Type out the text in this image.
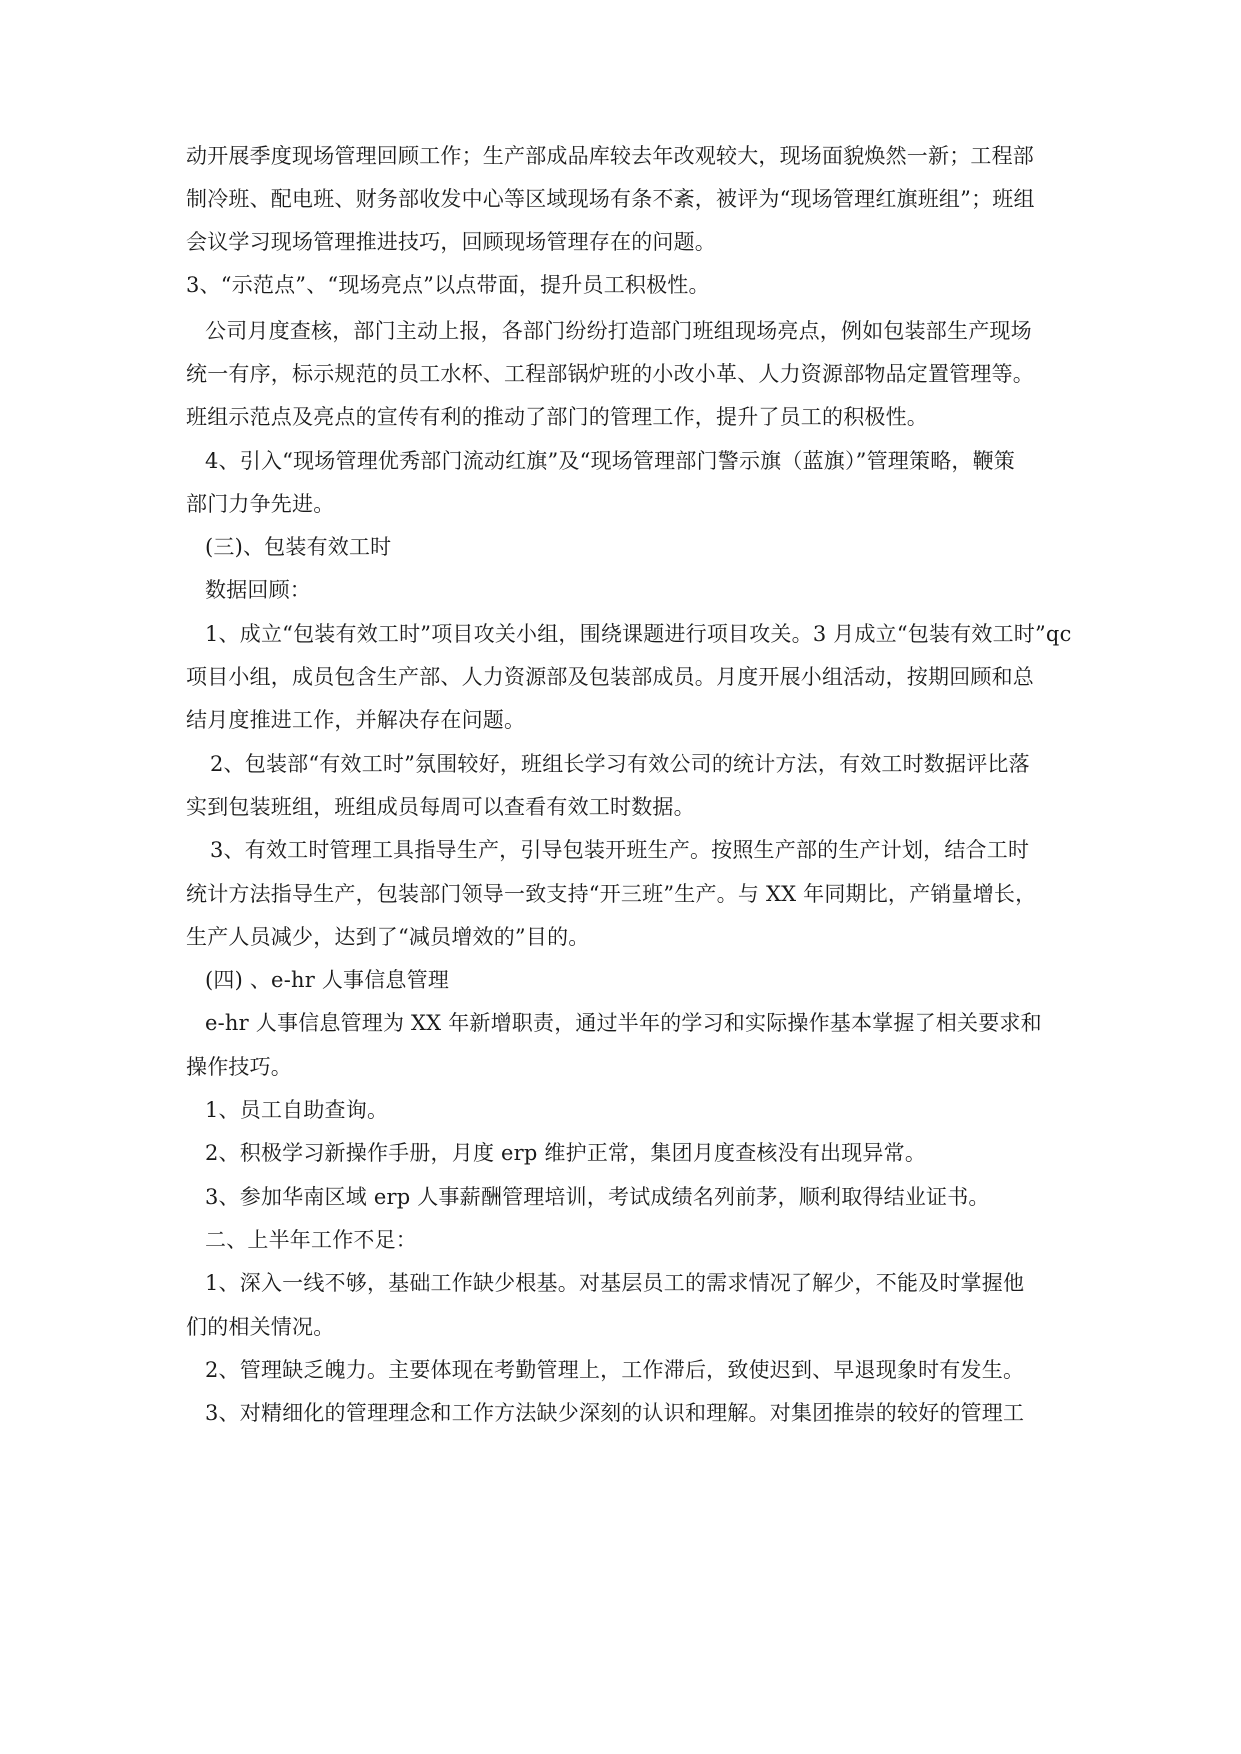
动开展季度现场管理回顾工作；生产部成品库较去年改观较大，现场面貌焕然一新；工程部
制冷班、配电班、财务部收发中心等区域现场有条不紊，被评为“现场管理红旗班组”；班组
会议学习现场管理推进技巧，回顾现场管理存在的问题。
3、“示范点”、“现场亮点”以点带面，提升员工积极性。
公司月度查核，部门主动上报，各部门纷纷打造部门班组现场亮点，例如包装部生产现场
统一有序，标示规范的员工水杯、工程部锅炉班的小改小革、人力资源部物品定置管理等。
班组示范点及亮点的宣传有利的推动了部门的管理工作，提升了员工的积极性。
4、引入“现场管理优秀部门流动红旗”及“现场管理部门警示旗（蓝旗）”管理策略，鞭策
部门力争先进。
(三)、包装有效工时
数据回顾：
1、成立“包装有效工时”项目攻关小组，围绕课题进行项目攻关。3 月成立“包装有效工时”qc
项目小组，成员包含生产部、人力资源部及包装部成员。月度开展小组活动，按期回顾和总
结月度推进工作，并解决存在问题。
2、包装部“有效工时”氛围较好，班组长学习有效公司的统计方法，有效工时数据评比落
实到包装班组，班组成员每周可以查看有效工时数据。
3、有效工时管理工具指导生产，引导包装开班生产。按照生产部的生产计划，结合工时
统计方法指导生产，包装部门领导一致支持“开三班”生产。与 XX 年同期比，产销量增长，
生产人员减少，达到了“减员增效的”目的。
(四) 、e-hr 人事信息管理
e-hr 人事信息管理为 XX 年新增职责，通过半年的学习和实际操作基本掌握了相关要求和
操作技巧。
1、员工自助查询。
2、积极学习新操作手册，月度 erp 维护正常，集团月度查核没有出现异常。
3、参加华南区域 erp 人事薪酬管理培训，考试成绩名列前茅，顺利取得结业证书。
二、上半年工作不足：
1、深入一线不够，基础工作缺少根基。对基层员工的需求情况了解少，不能及时掌握他
们的相关情况。
2、管理缺乏魄力。主要体现在考勤管理上，工作滞后，致使迟到、早退现象时有发生。
3、对精细化的管理理念和工作方法缺少深刻的认识和理解。对集团推崇的较好的管理工
